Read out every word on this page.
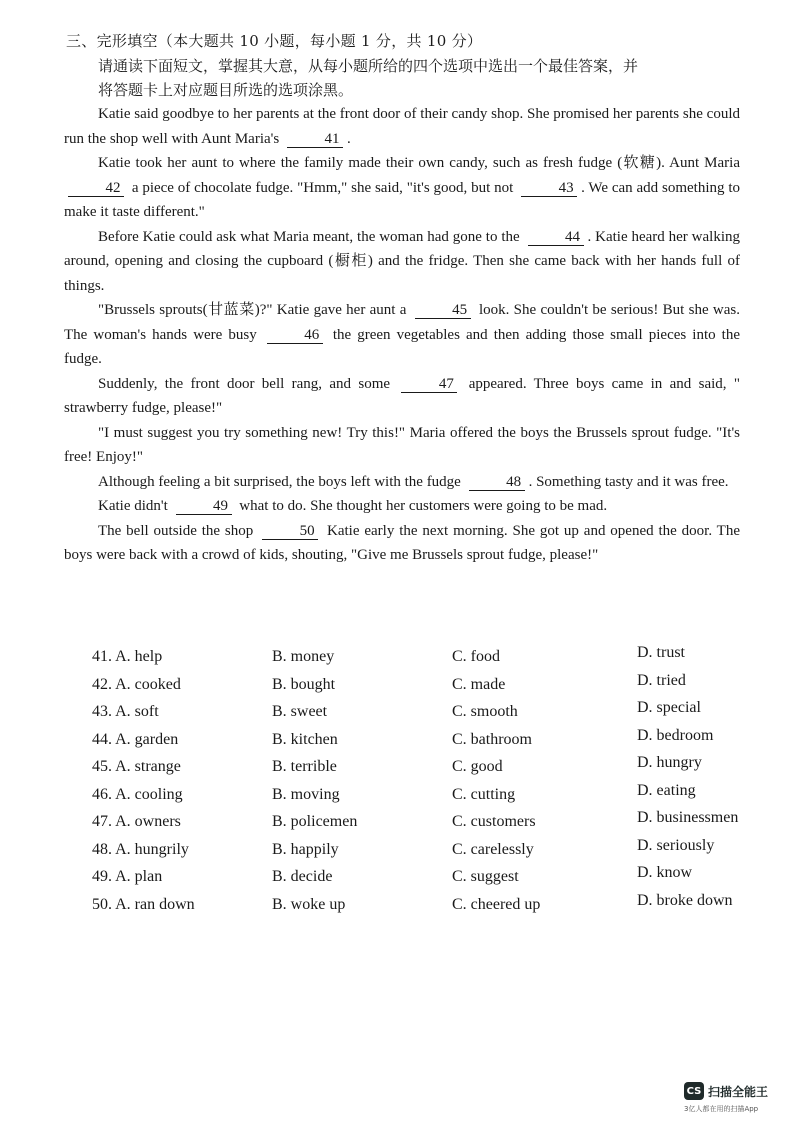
三、完形填空（本大题共 10 小题，每小题 1 分，共 10 分）
请通读下面短文，掌握其大意，从每小题所给的四个选项中选出一个最佳答案，并
将答题卡上对应题目所选的选项涂黑。

Katie said goodbye to her parents at the front door of their candy shop. She promised her parents she could run the shop well with Aunt Maria's	41 .

Katie took her aunt to where the family made their own candy, such as fresh fudge (软糖). Aunt Maria 42 a piece of chocolate fudge. "Hmm," she said, "it's good, but not	43 . We can add something to make it taste different."

Before Katie could ask what Maria meant, the woman had gone to the	44 . Katie heard her walking around, opening and closing the cupboard (橱柜) and the fridge. Then she came back with her hands full of things.

"Brussels sprouts(甘蓝菜)?" Katie gave her aunt a	45 look. She couldn't be serious! But she was. The woman's hands were busy	46 the green vegetables and then adding those small pieces into the fudge.

Suddenly, the front door bell rang, and some	47 appeared. Three boys came in and said, " strawberry fudge, please!"

"I must suggest you try something new! Try this!" Maria offered the boys the Brussels sprout fudge. "It's free! Enjoy!"

Although feeling a bit surprised, the boys left with the fudge	48 . Something tasty and it was free.

Katie didn't	49 what to do. She thought her customers were going to be mad.

The bell outside the shop	50 Katie early the next morning. She got up and opened the door. The boys were back with a crowd of kids, shouting, "Give me Brussels sprout fudge, please!"

41. A. help	B. money	C. food	D. trust
42. A. cooked	B. bought	C. made	D. tried
43. A. soft	B. sweet	C. smooth	D. special
44. A. garden	B. kitchen	C. bathroom	D. bedroom
45. A. strange	B. terrible	C. good	D. hungry
46. A. cooling	B. moving	C. cutting	D. eating
47. A. owners	B. policemen	C. customers	D. businessmen
48. A. hungrily	B. happily	C. carelessly	D. seriously
49. A. plan	B. decide	C. suggest	D. know
50. A. ran down	B. woke up	C. cheered up	D. broke down
CS 扫描全能王
3亿人都在用的扫描App
